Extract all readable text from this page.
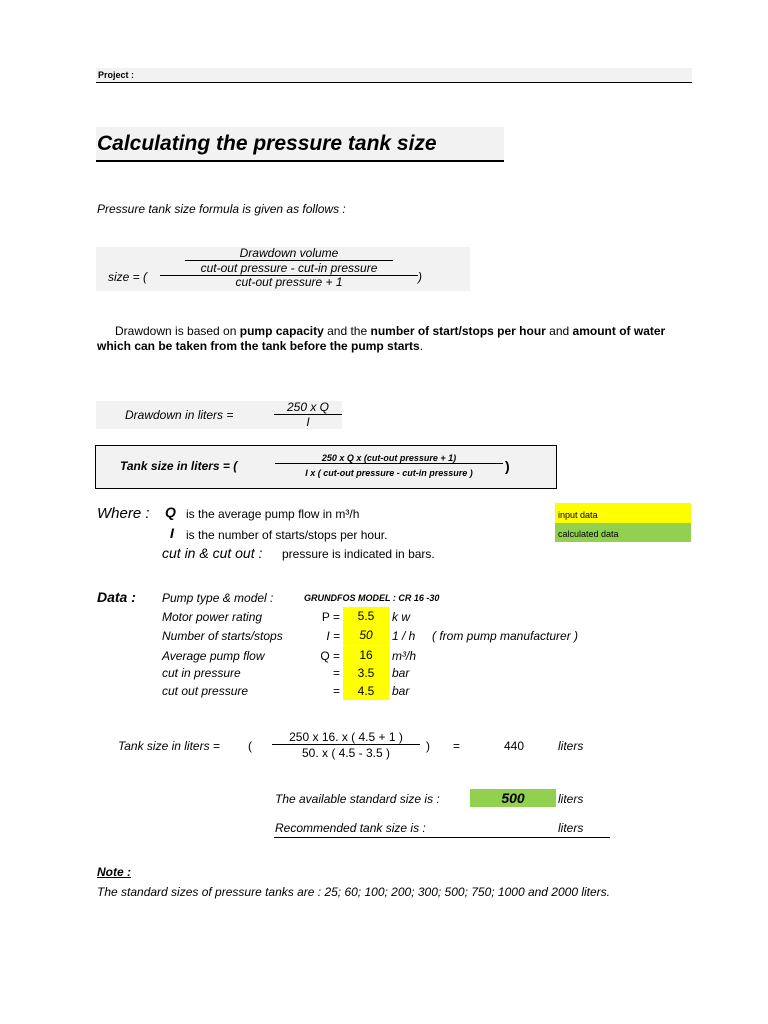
Project :
Calculating the pressure tank size
Pressure tank size formula is given as follows :
Drawdown volume
cut-out pressure - cut-in pressure
size = (	cut-out pressure + 1	)
Drawdown is based on pump capacity and the number of start/stops per hour and amount of water which can be taken from the tank before the pump starts.
Drawdown in liters =
250 x Q
I
Tank size in liters = (
250 x Q x (cut-out pressure + 1)
I x ( cut-out pressure - cut-in pressure )	)
Where : Q is the average pump flow in m³/h
I is the number of starts/stops per hour.
cut in & cut out : pressure is indicated in bars.
input data
calculated data
Data : Pump type & model :	GRUNDFOS MODEL : CR 16 -30
Motor power rating	P =	5.5	k w
Number of starts/stops	I =	50	1 / h ( from pump manufacturer )
Average pump flow	Q =	16	m³/h
cut in pressure	=	3.5	bar
cut out pressure	=	4.5	bar
Tank size in liters = (
250 x 16. x ( 4.5 + 1 )
50. x ( 4.5 - 3.5 )	) =	440	liters
The available standard size is :	500	liters
Recommended tank size is :	liters
Note :
The standard sizes of pressure tanks are : 25; 60; 100; 200; 300; 500; 750; 1000 and 2000 liters.
